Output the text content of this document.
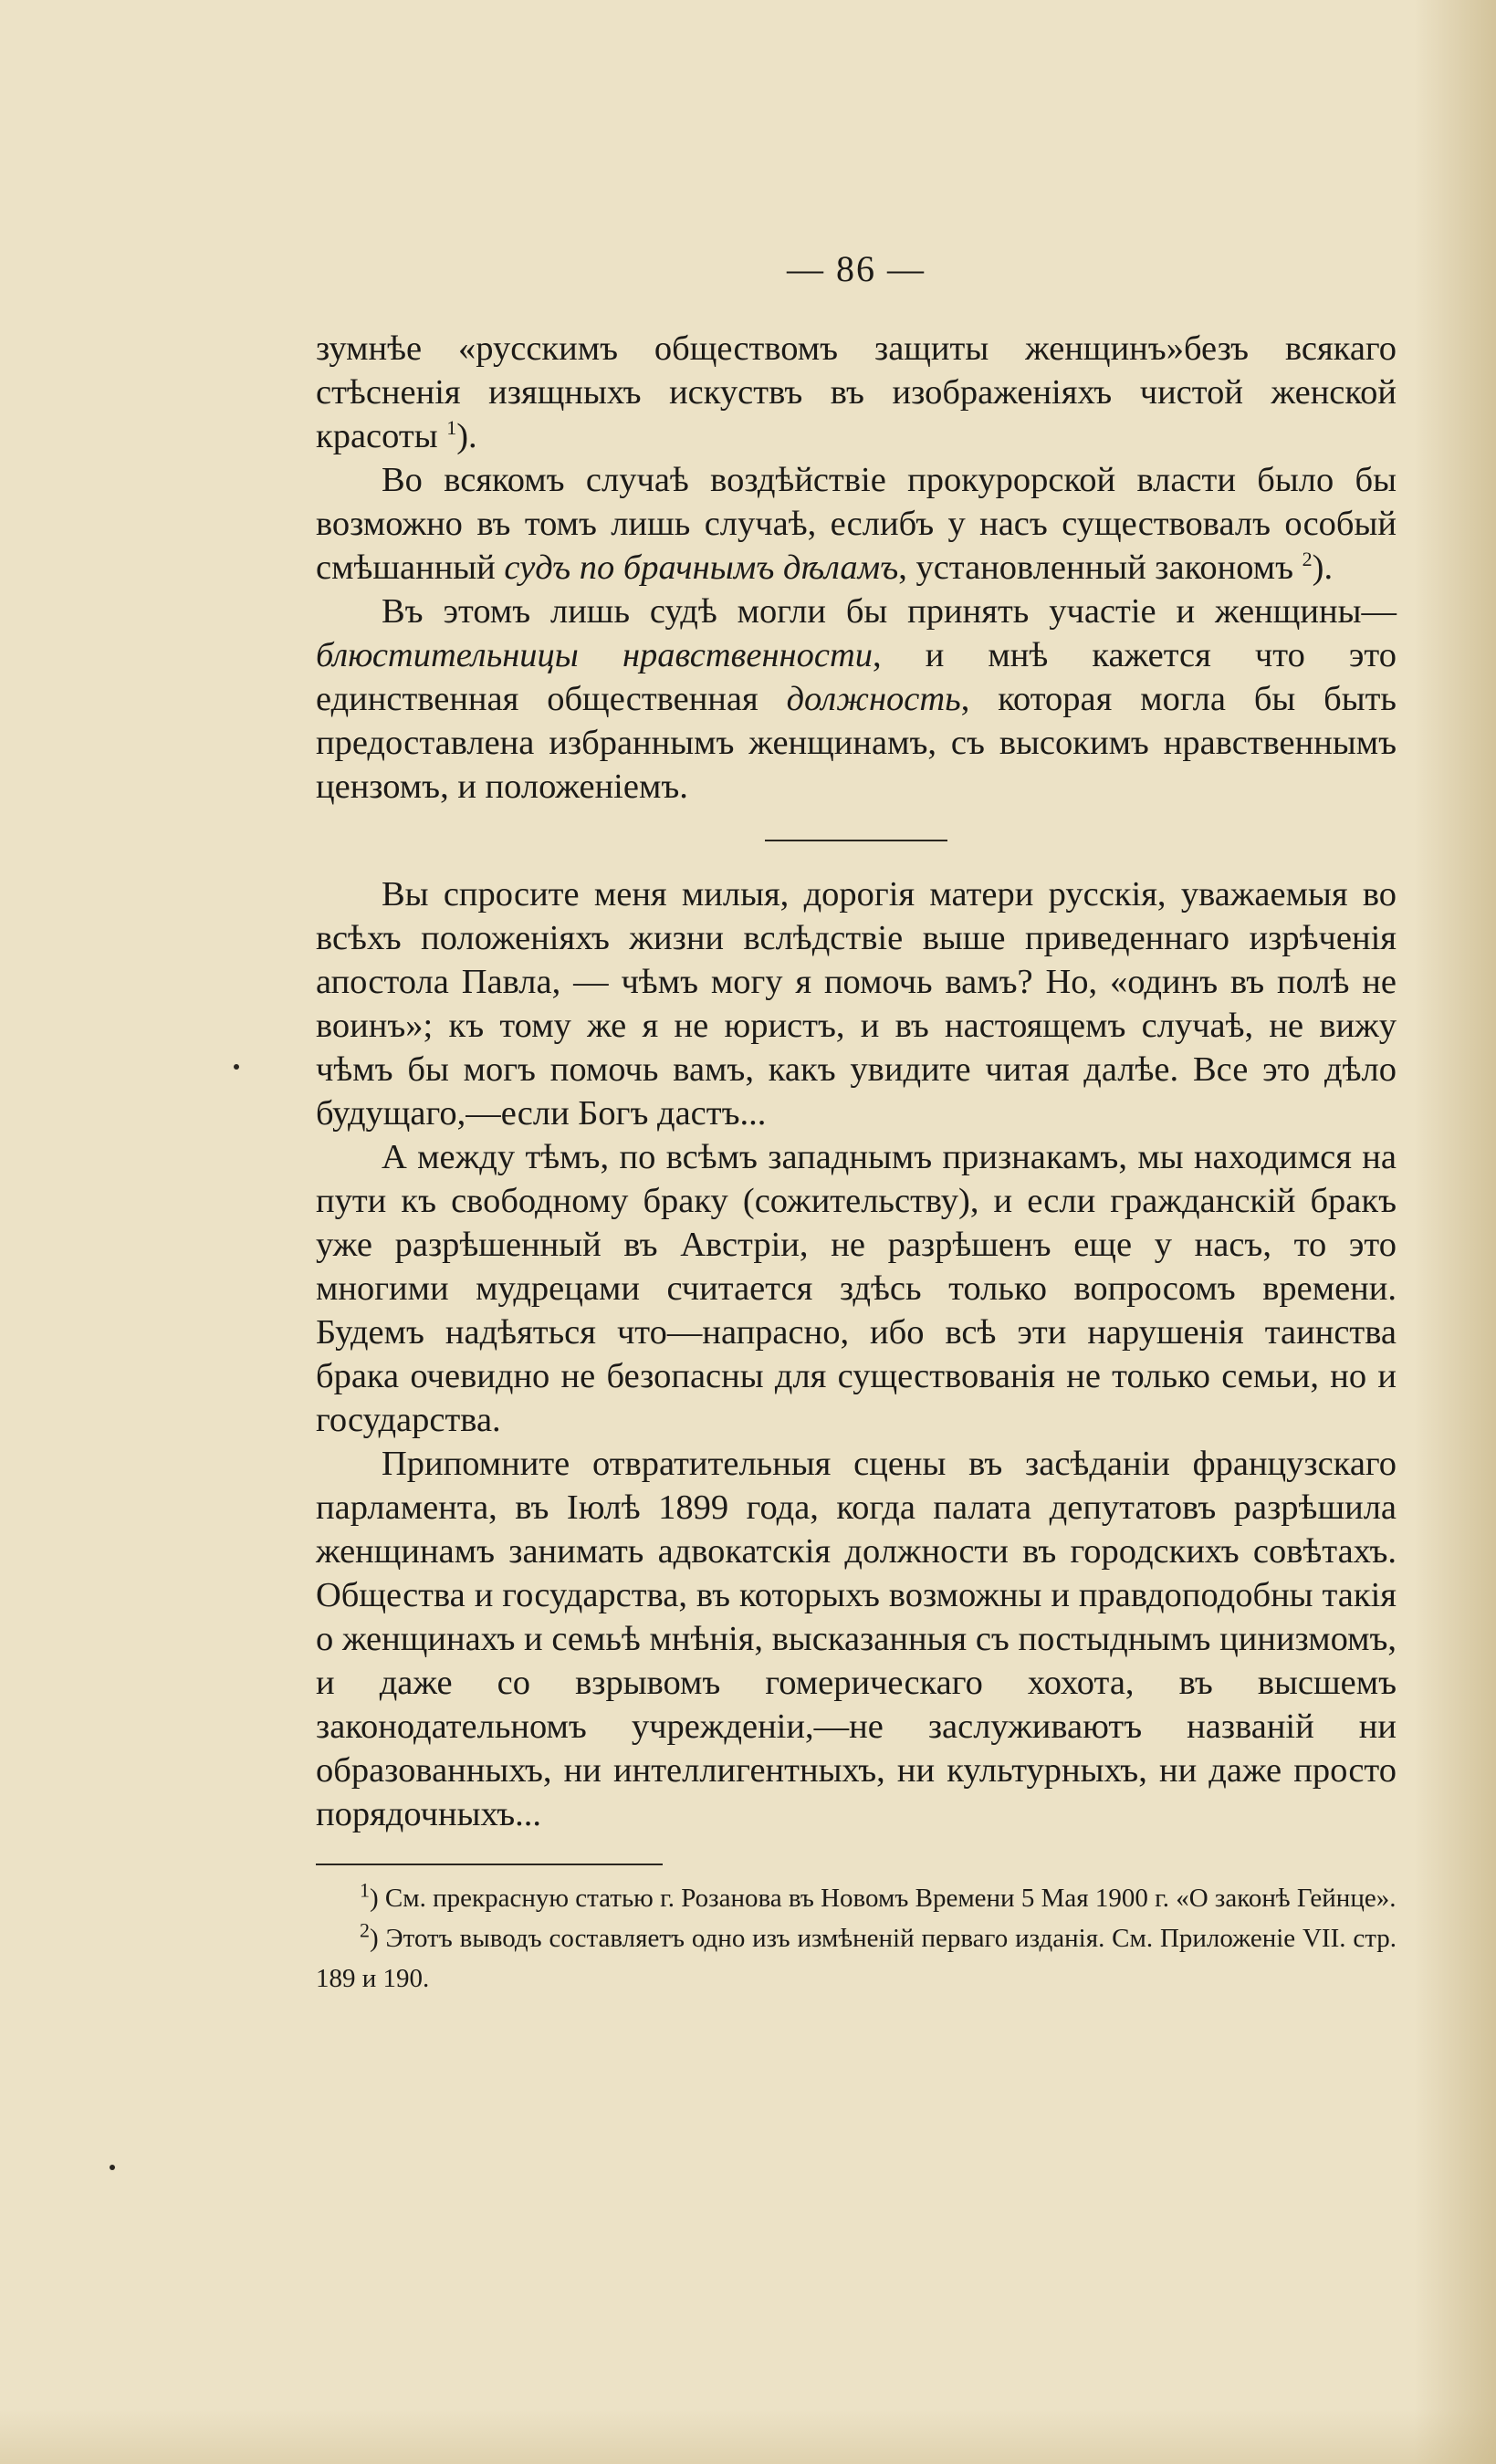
— 86 —

зумнѣе «русскимъ обществомъ защиты женщинъ»безъ всякаго стѣсненія изящныхъ искуствъ въ изображеніяхъ чистой женской красоты $^1$).

Во всякомъ случаѣ воздѣйствіе прокурорской власти было бы возможно въ томъ лишь случаѣ, еслибъ у насъ существовалъ особый смѣшанный судъ по брачнымъ дѣламъ, установленный закономъ $^2$).

Въ этомъ лишь судѣ могли бы принять участіе и женщины— блюстительницы нравственности, и мнѣ кажется что это единственная общественная должность, которая могла бы быть предоставлена избраннымъ женщинамъ, съ высокимъ нравственнымъ цензомъ, и положеніемъ.

Вы спросите меня милыя, дорогія матери русскія, уважаемыя во всѣхъ положеніяхъ жизни вслѣдствіе выше приведеннаго изрѣченія апостола Павла, — чѣмъ могу я помочь вамъ? Но, «одинъ въ полѣ не воинъ»; къ тому же я не юристъ, и въ настоящемъ случаѣ, не вижу чѣмъ бы могъ помочь вамъ, какъ увидите читая далѣе. Все это дѣло будущаго,—если Богъ дастъ...

А между тѣмъ, по всѣмъ западнымъ признакамъ, мы находимся на пути къ свободному браку (сожительству), и если гражданскій бракъ уже разрѣшенный въ Австріи, не разрѣшенъ еще у насъ, то это многими мудрецами считается здѣсь только вопросомъ времени. Будемъ надѣяться что—напрасно, ибо всѣ эти нарушенія таинства брака очевидно не безопасны для существованія не только семьи, но и государства.

Припомните отвратительныя сцены въ засѣданіи французскаго парламента, въ Іюлѣ 1899 года, когда палата депутатовъ разрѣшила женщинамъ занимать адвокатскія должности въ городскихъ совѣтахъ. Общества и государства, въ которыхъ возможны и правдоподобны такія о женщинахъ и семьѣ мнѣнія, высказанныя съ постыднымъ цинизмомъ, и даже со взрывомъ гомерическаго хохота, въ высшемъ законодательномъ учрежденіи,—не заслуживаютъ названій ни образованныхъ, ни интеллигентныхъ, ни культурныхъ, ни даже просто порядочныхъ...

$^1$) См. прекрасную статью г. Розанова въ Новомъ Времени 5 Мая 1900 г. «О законѣ Гейнце».

$^2$) Этотъ выводъ составляетъ одно изъ измѣненій перваго изданія. См. Приложеніе VII. стр. 189 и 190.
